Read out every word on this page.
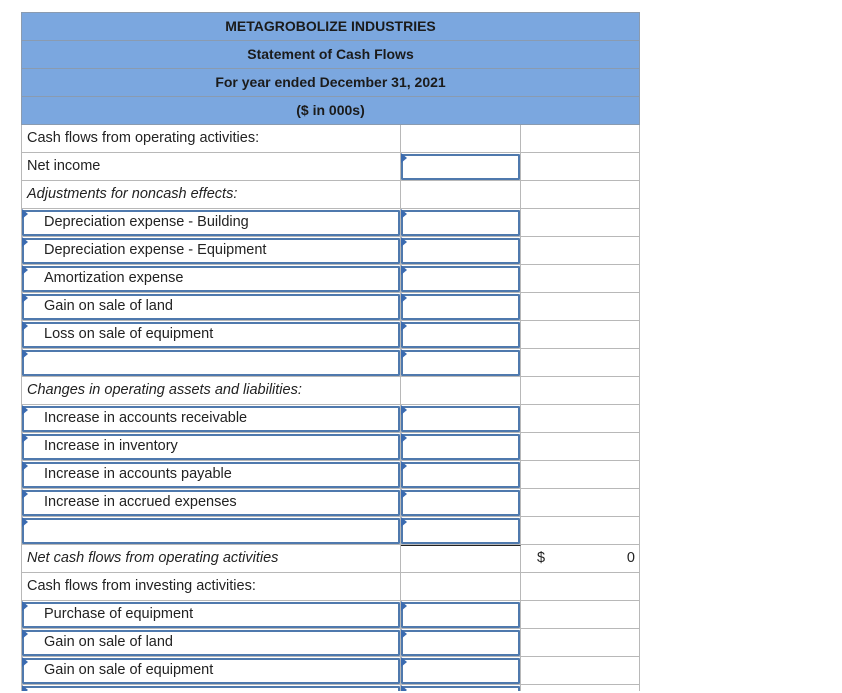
METAGROBOLIZE INDUSTRIES
Statement of Cash Flows
For year ended December 31, 2021
($ in 000s)
Cash flows from operating activities:
Net income
Adjustments for noncash effects:
Depreciation expense - Building
Depreciation expense - Equipment
Amortization expense
Gain on sale of land
Loss on sale of equipment
Changes in operating assets and liabilities:
Increase in accounts receivable
Increase in inventory
Increase in accounts payable
Increase in accrued expenses
Net cash flows from operating activities	$	0
Cash flows from investing activities:
Purchase of equipment
Gain on sale of land
Gain on sale of equipment
